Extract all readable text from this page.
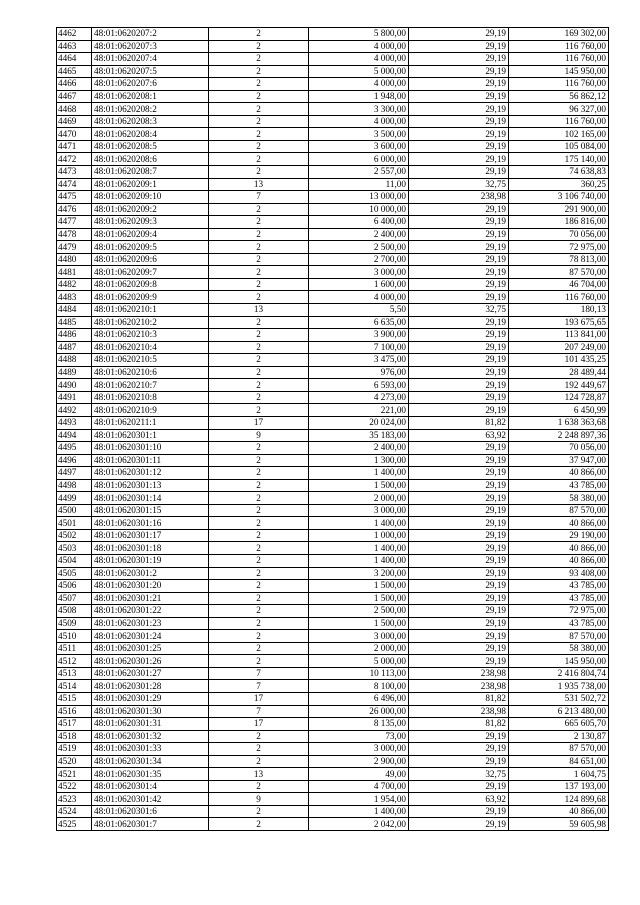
4462	48:01:0620207:2	2	5 800,00	29,19	169 302,00
4463	48:01:0620207:3	2	4 000,00	29,19	116 760,00
4464	48:01:0620207:4	2	4 000,00	29,19	116 760,00
4465	48:01:0620207:5	2	5 000,00	29,19	145 950,00
4466	48:01:0620207:6	2	4 000,00	29,19	116 760,00
4467	48:01:0620208:1	2	1 948,00	29,19	56 862,12
4468	48:01:0620208:2	2	3 300,00	29,19	96 327,00
4469	48:01:0620208:3	2	4 000,00	29,19	116 760,00
4470	48:01:0620208:4	2	3 500,00	29,19	102 165,00
4471	48:01:0620208:5	2	3 600,00	29,19	105 084,00
4472	48:01:0620208:6	2	6 000,00	29,19	175 140,00
4473	48:01:0620208:7	2	2 557,00	29,19	74 638,83
4474	48:01:0620209:1	13	11,00	32,75	360,25
4475	48:01:0620209:10	7	13 000,00	238,98	3 106 740,00
4476	48:01:0620209:2	2	10 000,00	29,19	291 900,00
4477	48:01:0620209:3	2	6 400,00	29,19	186 816,00
4478	48:01:0620209:4	2	2 400,00	29,19	70 056,00
4479	48:01:0620209:5	2	2 500,00	29,19	72 975,00
4480	48:01:0620209:6	2	2 700,00	29,19	78 813,00
4481	48:01:0620209:7	2	3 000,00	29,19	87 570,00
4482	48:01:0620209:8	2	1 600,00	29,19	46 704,00
4483	48:01:0620209:9	2	4 000,00	29,19	116 760,00
4484	48:01:0620210:1	13	5,50	32,75	180,13
4485	48:01:0620210:2	2	6 635,00	29,19	193 675,65
4486	48:01:0620210:3	2	3 900,00	29,19	113 841,00
4487	48:01:0620210:4	2	7 100,00	29,19	207 249,00
4488	48:01:0620210:5	2	3 475,00	29,19	101 435,25
4489	48:01:0620210:6	2	976,00	29,19	28 489,44
4490	48:01:0620210:7	2	6 593,00	29,19	192 449,67
4491	48:01:0620210:8	2	4 273,00	29,19	124 728,87
4492	48:01:0620210:9	2	221,00	29,19	6 450,99
4493	48:01:0620211:1	17	20 024,00	81,82	1 638 363,68
4494	48:01:0620301:1	9	35 183,00	63,92	2 248 897,36
4495	48:01:0620301:10	2	2 400,00	29,19	70 056,00
4496	48:01:0620301:11	2	1 300,00	29,19	37 947,00
4497	48:01:0620301:12	2	1 400,00	29,19	40 866,00
4498	48:01:0620301:13	2	1 500,00	29,19	43 785,00
4499	48:01:0620301:14	2	2 000,00	29,19	58 380,00
4500	48:01:0620301:15	2	3 000,00	29,19	87 570,00
4501	48:01:0620301:16	2	1 400,00	29,19	40 866,00
4502	48:01:0620301:17	2	1 000,00	29,19	29 190,00
4503	48:01:0620301:18	2	1 400,00	29,19	40 866,00
4504	48:01:0620301:19	2	1 400,00	29,19	40 866,00
4505	48:01:0620301:2	2	3 200,00	29,19	93 408,00
4506	48:01:0620301:20	2	1 500,00	29,19	43 785,00
4507	48:01:0620301:21	2	1 500,00	29,19	43 785,00
4508	48:01:0620301:22	2	2 500,00	29,19	72 975,00
4509	48:01:0620301:23	2	1 500,00	29,19	43 785,00
4510	48:01:0620301:24	2	3 000,00	29,19	87 570,00
4511	48:01:0620301:25	2	2 000,00	29,19	58 380,00
4512	48:01:0620301:26	2	5 000,00	29,19	145 950,00
4513	48:01:0620301:27	7	10 113,00	238,98	2 416 804,74
4514	48:01:0620301:28	7	8 100,00	238,98	1 935 738,00
4515	48:01:0620301:29	17	6 496,00	81,82	531 502,72
4516	48:01:0620301:30	7	26 000,00	238,98	6 213 480,00
4517	48:01:0620301:31	17	8 135,00	81,82	665 605,70
4518	48:01:0620301:32	2	73,00	29,19	2 130,87
4519	48:01:0620301:33	2	3 000,00	29,19	87 570,00
4520	48:01:0620301:34	2	2 900,00	29,19	84 651,00
4521	48:01:0620301:35	13	49,00	32,75	1 604,75
4522	48:01:0620301:4	2	4 700,00	29,19	137 193,00
4523	48:01:0620301:42	9	1 954,00	63,92	124 899,68
4524	48:01:0620301:6	2	1 400,00	29,19	40 866,00
4525	48:01:0620301:7	2	2 042,00	29,19	59 605,98
